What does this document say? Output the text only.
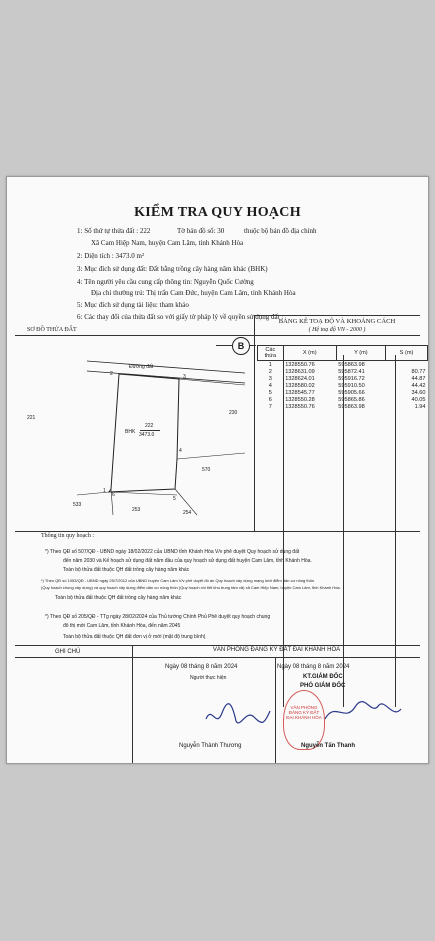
KIỂM TRA QUY HOẠCH
1: Số thứ tự thửa đất : 222	Tờ bản đồ số: 30	thuộc bộ bản đồ địa chính
Xã Cam Hiệp Nam, huyện Cam Lâm, tỉnh Khánh Hòa
2: Diện tích : 3473.0 m²
3: Mục đích sử dụng đất: Đất bằng trồng cây hàng năm khác (BHK)
4: Tên người yêu cầu cung cấp thông tin: Nguyễn Quốc Cường
Địa chỉ thường trú: Thị trấn Cam Đức, huyện Cam Lâm, tỉnh Khánh Hòa
5: Mục đích sử dụng tài liệu: tham khảo
6: Các thay đổi của thửa đất so với giấy tờ pháp lý về quyền sử dụng đất :
SƠ ĐỒ THỬA ĐẤT
BẢNG KÊ TOẠ ĐỘ VÀ KHOẢNG CÁCH
( Hệ toạ độ VN - 2000 )
B
Đường đất
2	3
4
1
6
5
BHK
222
3473.0
221
230
570
533
253	254
Các thứa	X (m)	Y (m)	S (m)
1	1328550.76	595863.98	
2	1328631.09	595872.41	80.77
3	1328624.01	595916.72	44.87
4	1328580.02	595910.50	44.42
5	1328545.77	595905.66	34.60
6	1328550.28	595865.86	40.05
7	1328550.76	595863.98	1.94
Thông tin quy hoạch :
*) Theo QĐ số 507/QĐ - UBND ngày 18/02/2022 của UBND tỉnh Khánh Hòa V/v phê duyệt Quy hoạch sử dụng đất
đến năm 2030 và Kế hoạch sử dụng đất năm đầu của quy hoạch sử dụng đất huyện Cam Lâm, tỉnh Khánh Hòa.
Toàn bộ thửa đất thuộc QH đất trồng cây hàng năm khác
*) Theo QĐ số 1053/QĐ - UBND ngày 25/7/2012 của UBND huyện Cam Lâm V/v phê duyệt đồ án Quy hoạch xây dựng mạng lưới điểm dân cư nông thôn
(Quy hoạch chung xây dựng) và quy hoạch xây dựng điểm dân cư nông thôn (Quy hoạch chi tiết khu trung tâm xã) xã Cam Hiệp Nam, huyện Cam Lâm, tỉnh Khánh Hòa.
Toàn bộ thửa đất thuộc QH đất trồng cây hàng năm khác
*) Theo QĐ số 205/QĐ - TTg ngày 28/02/2024 của Thủ tướng Chính Phủ Phê duyệt quy hoạch chung
đô thị mới Cam Lâm, tỉnh Khánh Hòa, đến năm 2045
Toàn bộ thửa đất thuộc QH đất đơn vị ở mới (mật độ trung bình)
GHI CHÚ	VĂN PHÒNG ĐĂNG KÝ ĐẤT ĐAI KHÁNH HÒA
Ngày 08 tháng 8 năm 2024
Người thực hiện
Nguyễn Thành Thương
Ngày 08 tháng 8 năm 2024
KT.GIÁM ĐỐC
PHÓ GIÁM ĐỐC
VĂN PHÒNG ĐĂNG KÝ ĐẤT ĐAI KHÁNH HÒA
Nguyễn Tấn Thanh
